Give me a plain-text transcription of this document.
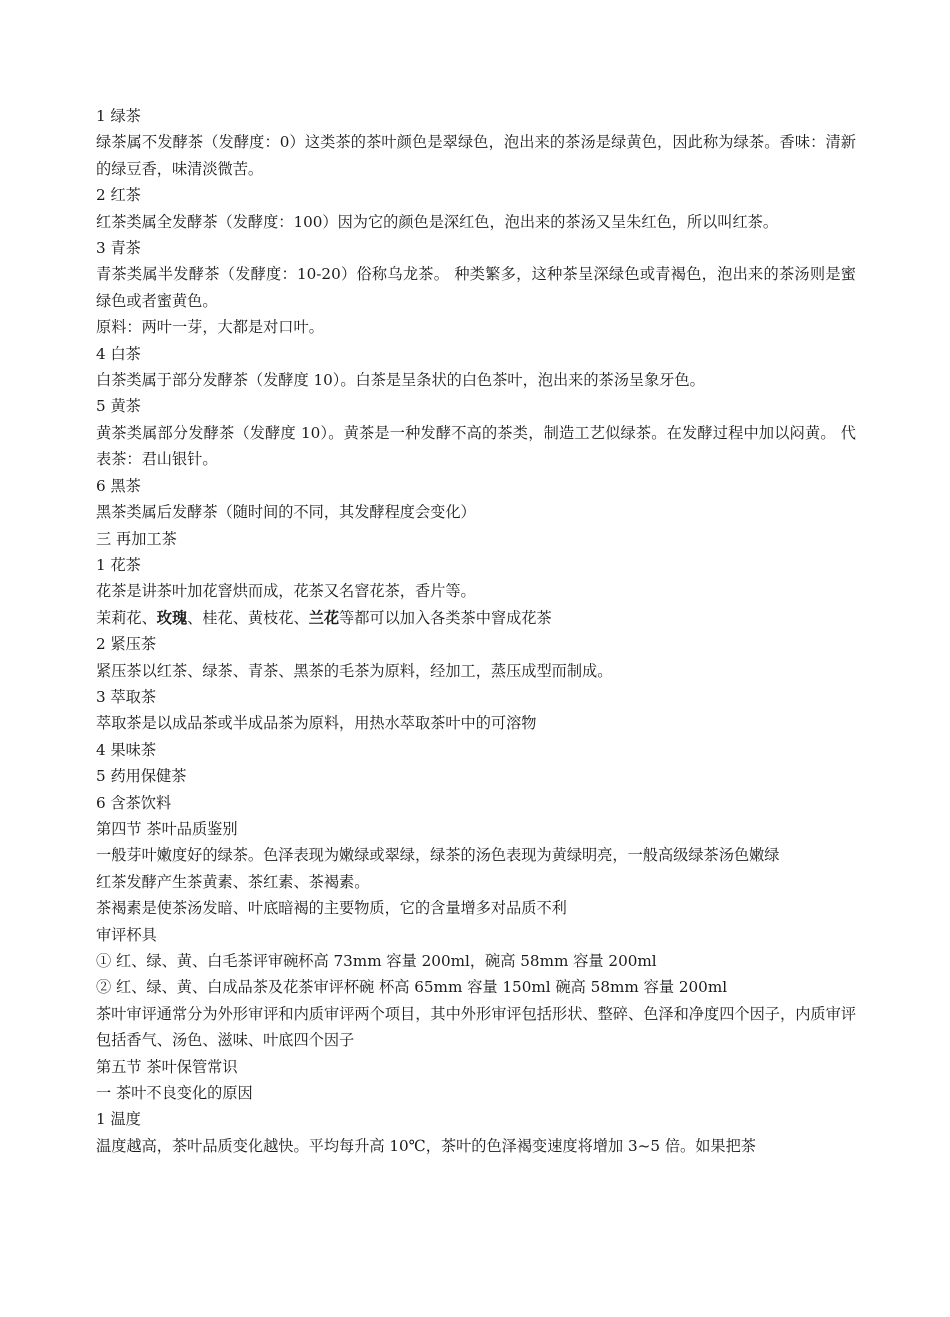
1 绿茶

绿茶属不发酵茶（发酵度：0）这类茶的茶叶颜色是翠绿色，泡出来的茶汤是绿黄色，因此称为绿茶。香味：清新的绿豆香，味清淡微苦。

2 红茶

红茶类属全发酵茶（发酵度：100）因为它的颜色是深红色，泡出来的茶汤又呈朱红色，所以叫红茶。

3 青茶

青茶类属半发酵茶（发酵度：10-20）俗称乌龙茶。 种类繁多，这种茶呈深绿色或青褐色，泡出来的茶汤则是蜜绿色或者蜜黄色。

原料：两叶一芽，大都是对口叶。

4 白茶

白茶类属于部分发酵茶（发酵度 10）。白茶是呈条状的白色茶叶，泡出来的茶汤呈象牙色。

5 黄茶

黄茶类属部分发酵茶（发酵度 10）。黄茶是一种发酵不高的茶类，制造工艺似绿茶。在发酵过程中加以闷黄。 代表茶：君山银针。

6 黑茶

黑茶类属后发酵茶（随时间的不同，其发酵程度会变化）

三 再加工茶

1 花茶

花茶是讲茶叶加花窨烘而成，花茶又名窨花茶，香片等。

茉莉花、玫瑰、桂花、黄枝花、兰花等都可以加入各类茶中窨成花茶

2 紧压茶

紧压茶以红茶、绿茶、青茶、黑茶的毛茶为原料，经加工，蒸压成型而制成。

3 萃取茶

萃取茶是以成品茶或半成品茶为原料，用热水萃取茶叶中的可溶物

4 果味茶

5 药用保健茶

6 含茶饮料

第四节 茶叶品质鉴别

一般芽叶嫩度好的绿茶。色泽表现为嫩绿或翠绿，绿茶的汤色表现为黄绿明亮，一般高级绿茶汤色嫩绿

红茶发酵产生茶黄素、茶红素、茶褐素。

茶褐素是使茶汤发暗、叶底暗褐的主要物质，它的含量增多对品质不利

审评杯具

① 红、绿、黄、白毛茶评审碗杯高 73mm 容量 200ml，碗高 58mm 容量 200ml

② 红、绿、黄、白成品茶及花茶审评杯碗 杯高 65mm 容量 150ml 碗高 58mm 容量 200ml

茶叶审评通常分为外形审评和内质审评两个项目，其中外形审评包括形状、整碎、色泽和净度四个因子，内质审评包括香气、汤色、滋味、叶底四个因子

第五节 茶叶保管常识

一 茶叶不良变化的原因

1 温度

温度越高，茶叶品质变化越快。平均每升高 10℃，茶叶的色泽褐变速度将增加 3~5 倍。如果把茶
